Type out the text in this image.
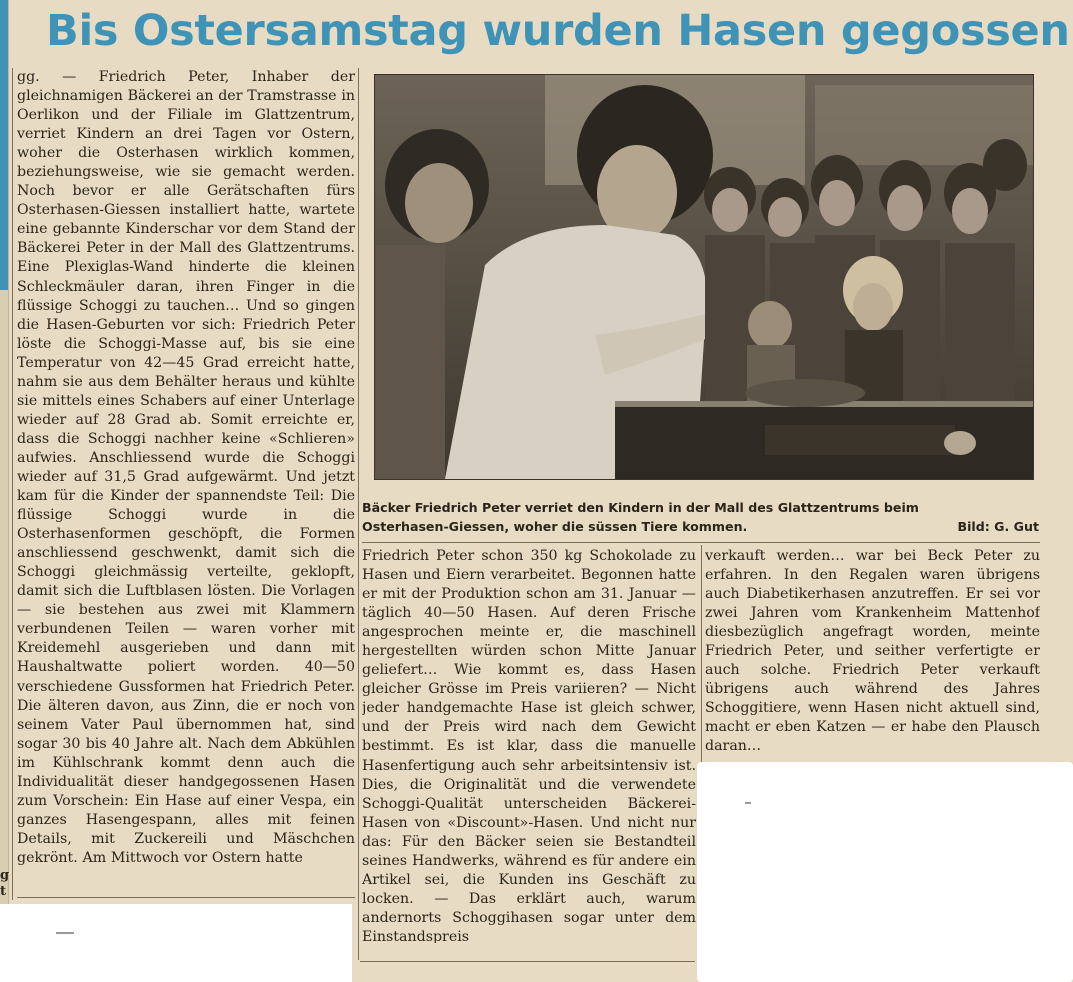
Bis Ostersamstag wurden Hasen gegossen
g t

gg. — Friedrich Peter, Inhaber der gleichnamigen Bäckerei an der Tramstrasse in Oerlikon und der Filiale im Glattzentrum, verriet Kindern an drei Tagen vor Ostern, woher die Osterhasen wirklich kommen, beziehungsweise, wie sie gemacht werden. Noch bevor er alle Gerätschaften fürs Osterhasen-Giessen installiert hatte, wartete eine gebannte Kinderschar vor dem Stand der Bäckerei Peter in der Mall des Glattzentrums. Eine Plexiglas-Wand hinderte die kleinen Schleckmäuler daran, ihren Finger in die flüssige Schoggi zu tauchen… Und so gingen die Hasen-Geburten vor sich: Friedrich Peter löste die Schoggi-Masse auf, bis sie eine Temperatur von 42—45 Grad erreicht hatte, nahm sie aus dem Behälter heraus und kühlte sie mittels eines Schabers auf einer Unterlage wieder auf 28 Grad ab. Somit erreichte er, dass die Schoggi nachher keine «Schlieren» aufwies. Anschliessend wurde die Schoggi wieder auf 31,5 Grad aufgewärmt. Und jetzt kam für die Kinder der spannendste Teil: Die flüssige Schoggi wurde in die Osterhasenformen geschöpft, die Formen anschliessend geschwenkt, damit sich die Schoggi gleichmässig verteilte, geklopft, damit sich die Luftblasen lösten. Die Vorlagen — sie bestehen aus zwei mit Klammern verbundenen Teilen — waren vorher mit Kreidemehl ausgerieben und dann mit Haushaltwatte poliert worden. 40—50 verschiedene Gussformen hat Friedrich Peter. Die älteren davon, aus Zinn, die er noch von seinem Vater Paul übernommen hat, sind sogar 30 bis 40 Jahre alt. Nach dem Abkühlen im Kühlschrank kommt denn auch die Individualität dieser handgegossenen Hasen zum Vorschein: Ein Hase auf einer Vespa, ein ganzes Hasengespann, alles mit feinen Details, mit Zuckereili und Mäschchen gekrönt. Am Mittwoch vor Ostern hatte

Bäcker Friedrich Peter verriet den Kindern in der Mall des Glattzentrums beim
Osterhasen-Giessen, woher die süssen Tiere kommen.	Bild: G. Gut

Friedrich Peter schon 350 kg Schokolade zu Hasen und Eiern verarbeitet. Begonnen hatte er mit der Produktion schon am 31. Januar — täglich 40—50 Hasen. Auf deren Frische angesprochen meinte er, die maschinell hergestellten würden schon Mitte Januar geliefert… Wie kommt es, dass Hasen gleicher Grösse im Preis variieren? — Nicht jeder handgemachte Hase ist gleich schwer, und der Preis wird nach dem Gewicht bestimmt. Es ist klar, dass die manuelle Hasenfertigung auch sehr arbeitsintensiv ist. Dies, die Originalität und die verwendete Schoggi-Qualität unterscheiden Bäckerei-Hasen von «Discount»-Hasen. Und nicht nur das: Für den Bäcker seien sie Bestandteil seines Handwerks, während es für andere ein Artikel sei, die Kunden ins Geschäft zu locken. — Das erklärt auch, warum andernorts Schoggihasen sogar unter dem Einstandspreis

verkauft werden… war bei Beck Peter zu erfahren. In den Regalen waren übrigens auch Diabetikerhasen anzutreffen. Er sei vor zwei Jahren vom Krankenheim Mattenhof diesbezüglich angefragt worden, meinte Friedrich Peter, und seither verfertigte er auch solche. Friedrich Peter verkauft übrigens auch während des Jahres Schoggitiere, wenn Hasen nicht aktuell sind, macht er eben Katzen — er habe den Plausch daran…
